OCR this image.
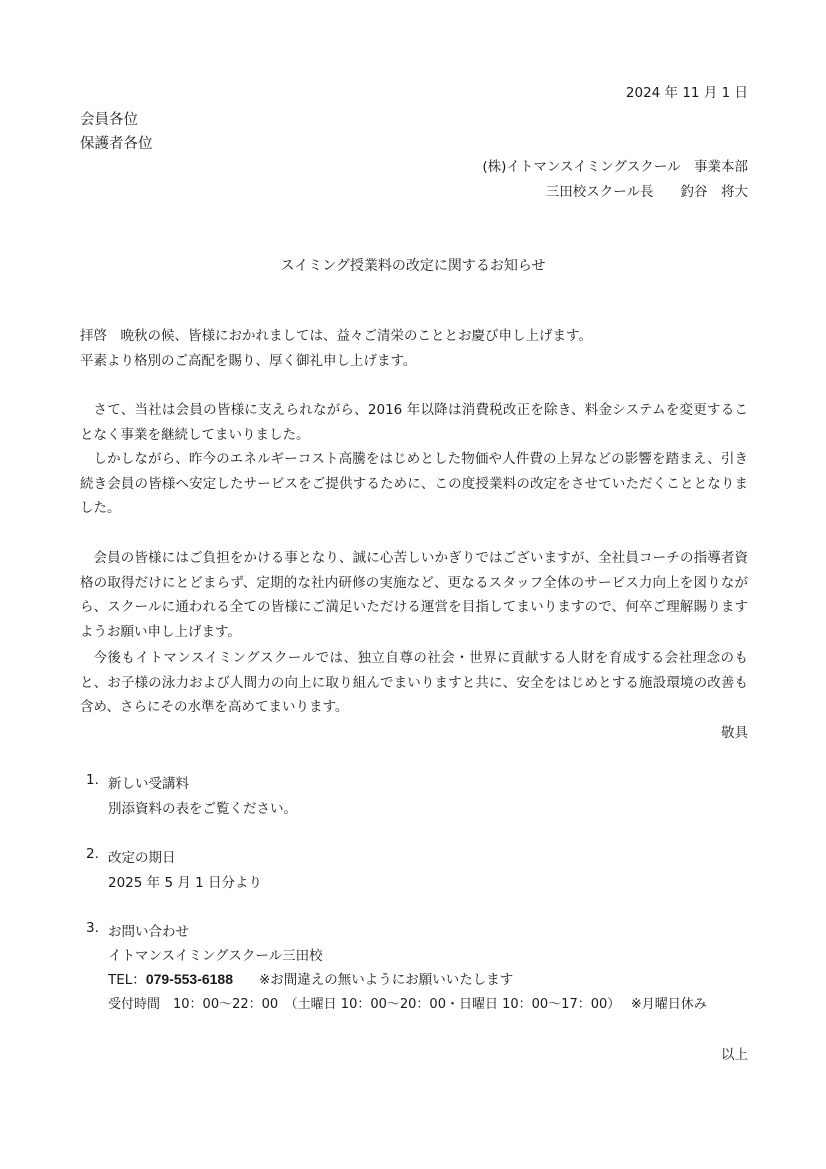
2024 年 11 月 1 日
会員各位
保護者各位
(株)イトマンスイミングスクール　事業本部
三田校スクール長　　釣谷　将大
スイミング授業料の改定に関するお知らせ
拝啓　晩秋の候、皆様におかれましては、益々ご清栄のこととお慶び申し上げます。
平素より格別のご高配を賜り、厚く御礼申し上げます。
さて、当社は会員の皆様に支えられながら、2016 年以降は消費税改正を除き、料金システムを変更することなく事業を継続してまいりました。
しかしながら、昨今のエネルギーコスト高騰をはじめとした物価や人件費の上昇などの影響を踏まえ、引き続き会員の皆様へ安定したサービスをご提供するために、この度授業料の改定をさせていただくこととなりました。
会員の皆様にはご負担をかける事となり、誠に心苦しいかぎりではございますが、全社員コーチの指導者資格の取得だけにとどまらず、定期的な社内研修の実施など、更なるスタッフ全体のサービス力向上を図りながら、スクールに通われる全ての皆様にご満足いただける運営を目指してまいりますので、何卒ご理解賜りますようお願い申し上げます。
今後もイトマンスイミングスクールでは、独立自尊の社会・世界に貢献する人財を育成する会社理念のもと、お子様の泳力および人間力の向上に取り組んでまいりますと共に、安全をはじめとする施設環境の改善も含め、さらにその水準を高めてまいります。
敬具
1. 新しい受講料
別添資料の表をご覧ください。
2. 改定の期日
2025 年 5 月 1 日分より
3. お問い合わせ
イトマンスイミングスクール三田校
TEL：079-553-6188 ※お間違えの無いようにお願いいたします
受付時間　10：00～22：00　（土曜日 10：00～20：00・日曜日 10：00～17：00）　 ※月曜日休み
以上
